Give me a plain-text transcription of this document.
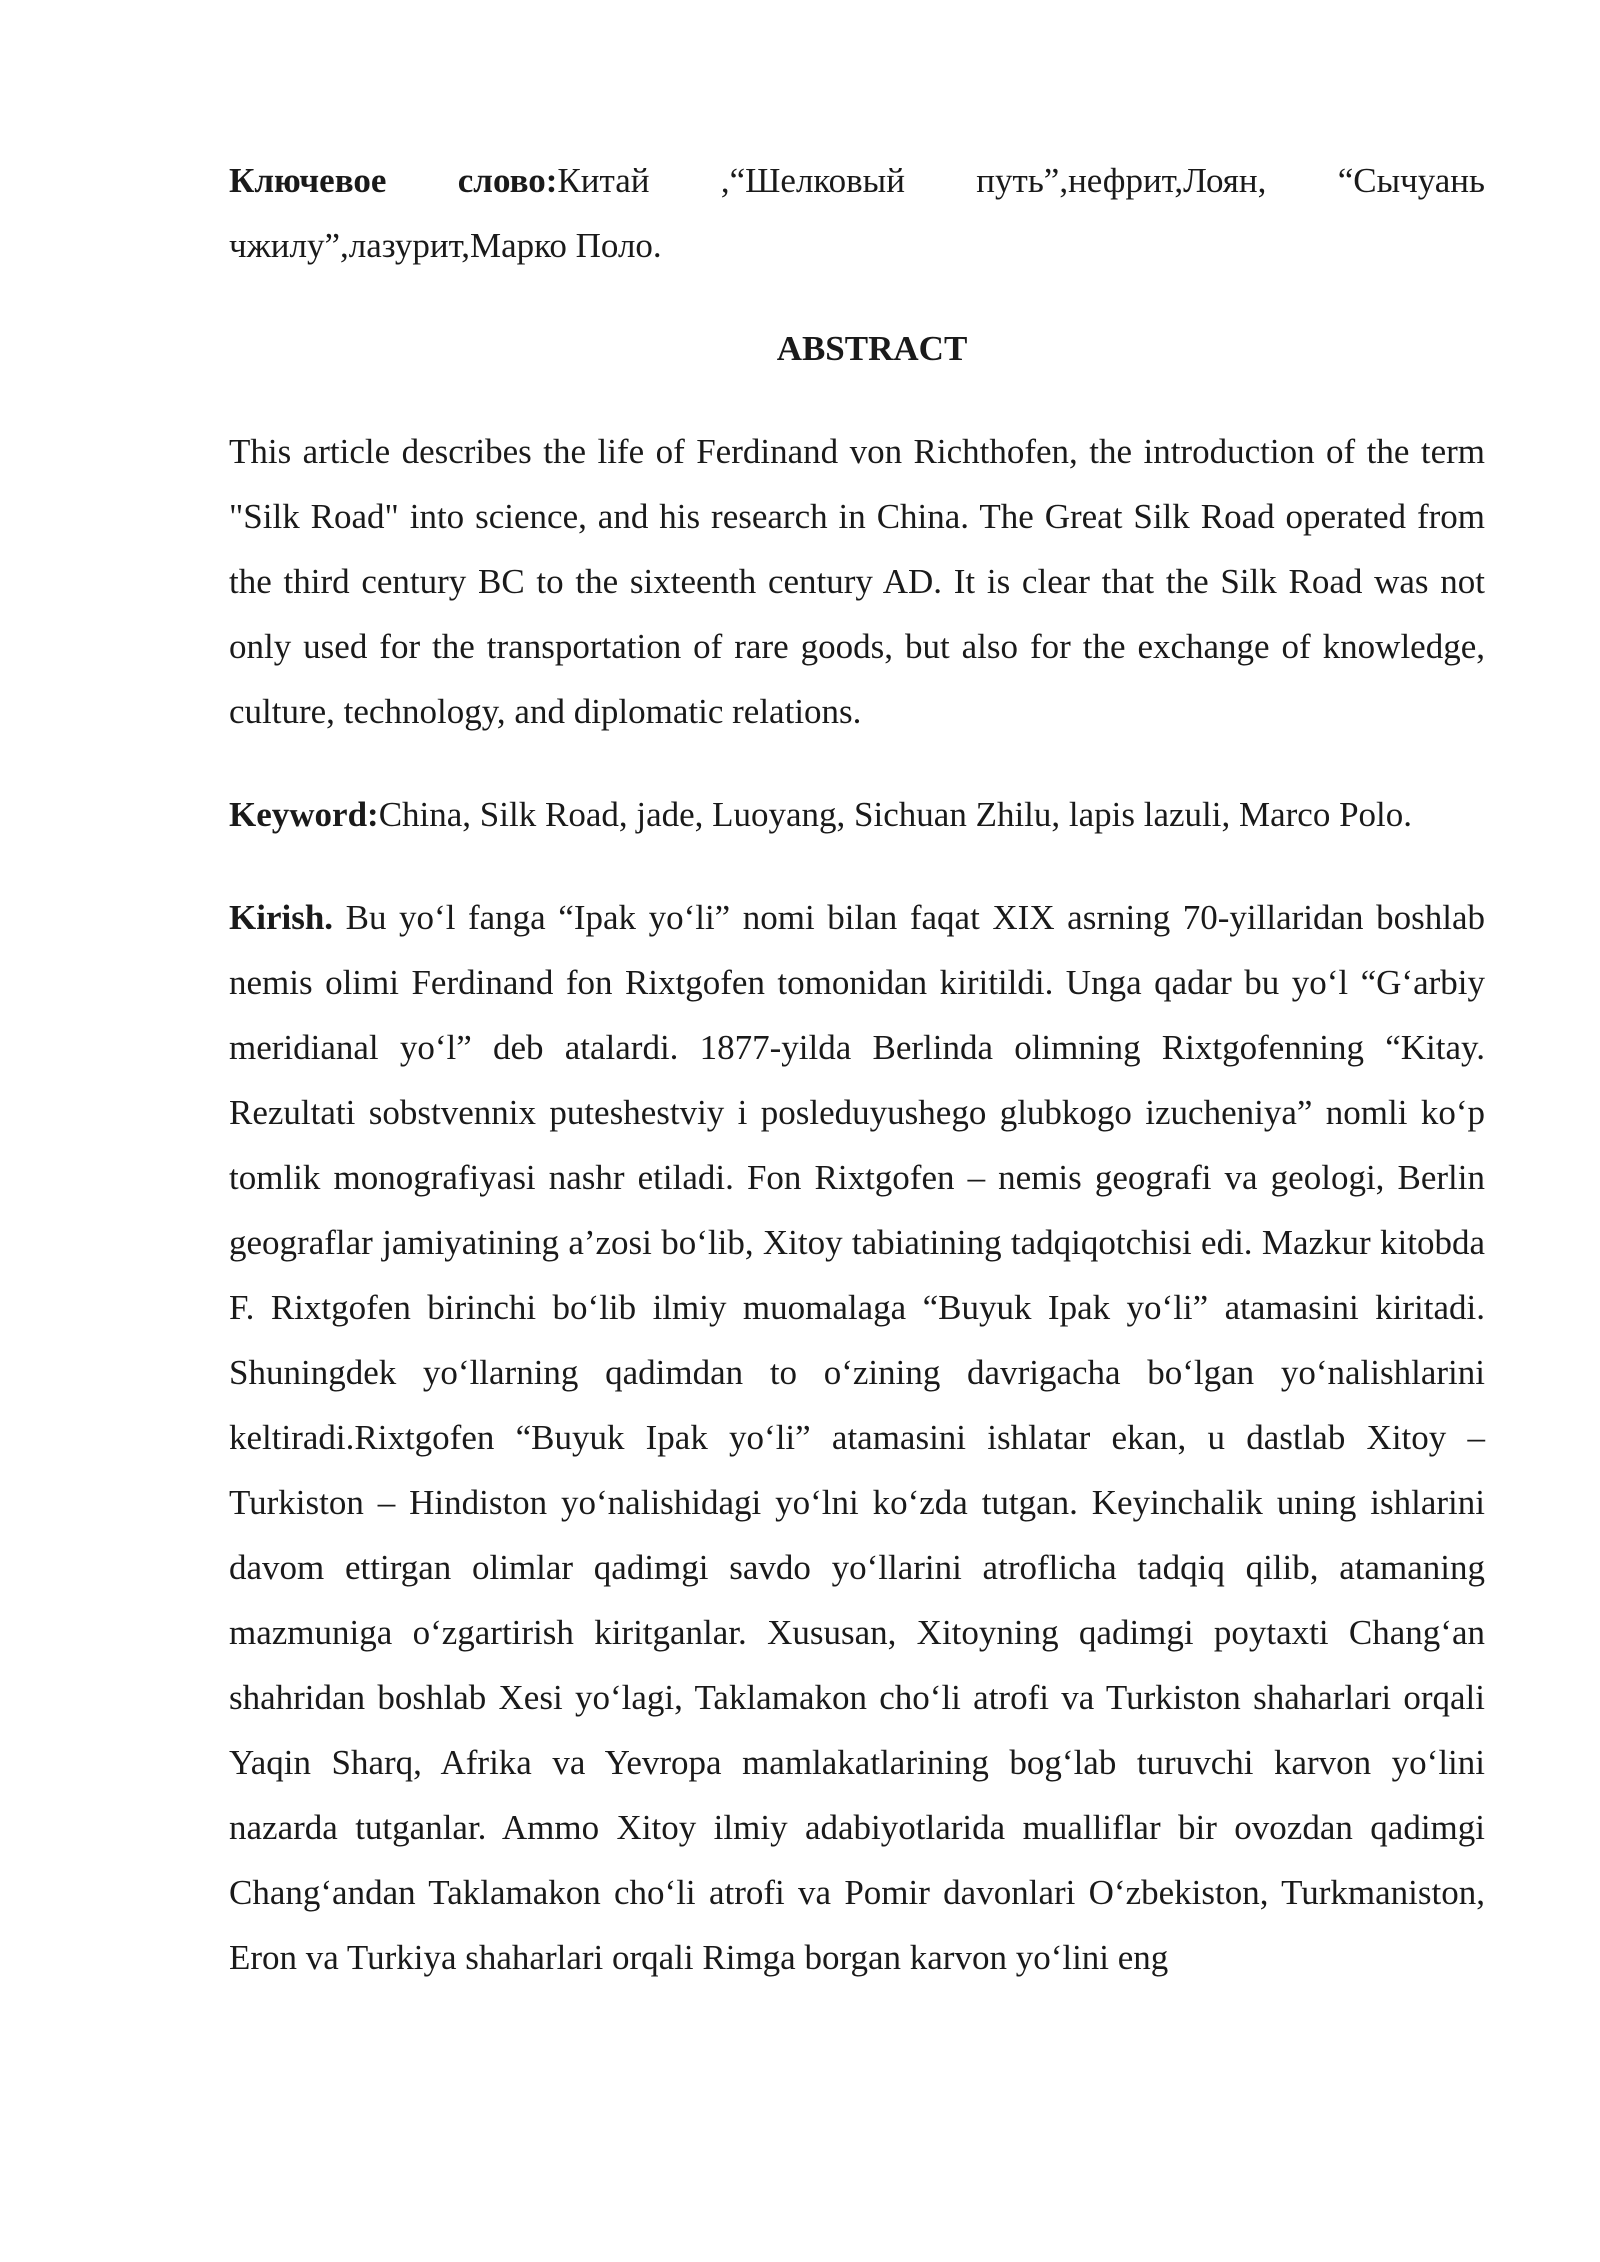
Ключевое слово:Китай ,“Шелковый путь”,нефрит,Лоян, “Сычуань чжилу”,лазурит,Марко Поло.

ABSTRACT

This article describes the life of Ferdinand von Richthofen, the introduction of the term "Silk Road" into science, and his research in China. The Great Silk Road operated from the third century BC to the sixteenth century AD. It is clear that the Silk Road was not only used for the transportation of rare goods, but also for the exchange of knowledge, culture, technology, and diplomatic relations.

Keyword:China, Silk Road, jade, Luoyang, Sichuan Zhilu, lapis lazuli, Marco Polo.

Kirish. Bu yoʻl fanga “Ipak yoʻli” nomi bilan faqat XIX asrning 70-yillaridan boshlab nemis olimi Ferdinand fon Rixtgofen tomonidan kiritildi. Unga qadar bu yoʻl “Gʻarbiy meridianal yoʻl” deb atalardi. 1877-yilda Berlinda olimning Rixtgofenning “Kitay. Rezultati sobstvennix puteshestviy i posleduyushego glubkogo izucheniya” nomli koʻp tomlik monografiyasi nashr etiladi. Fon Rixtgofen – nemis geografi va geologi, Berlin geograflar jamiyatining a’zosi boʻlib, Xitoy tabiatining tadqiqotchisi edi. Mazkur kitobda F. Rixtgofen birinchi boʻlib ilmiy muomalaga “Buyuk Ipak yoʻli” atamasini kiritadi. Shuningdek yoʻllarning qadimdan to oʻzining davrigacha boʻlgan yoʻnalishlarini keltiradi.Rixtgofen “Buyuk Ipak yoʻli” atamasini ishlatar ekan, u dastlab Xitoy – Turkiston – Hindiston yoʻnalishidagi yoʻlni koʻzda tutgan. Keyinchalik uning ishlarini davom ettirgan olimlar qadimgi savdo yoʻllarini atroflicha tadqiq qilib, atamaning mazmuniga oʻzgartirish kiritganlar. Xususan, Xitoyning qadimgi poytaxti Changʻan shahridan boshlab Xesi yoʻlagi, Taklamakon choʻli atrofi va Turkiston shaharlari orqali Yaqin Sharq, Afrika va Yevropa mamlakatlarining bogʻlab turuvchi karvon yoʻlini nazarda tutganlar. Ammo Xitoy ilmiy adabiyotlarida mualliflar bir ovozdan qadimgi Changʻandan Taklamakon choʻli atrofi va Pomir davonlari Oʻzbekiston, Turkmaniston, Eron va Turkiya shaharlari orqali Rimga borgan karvon yoʻlini eng
